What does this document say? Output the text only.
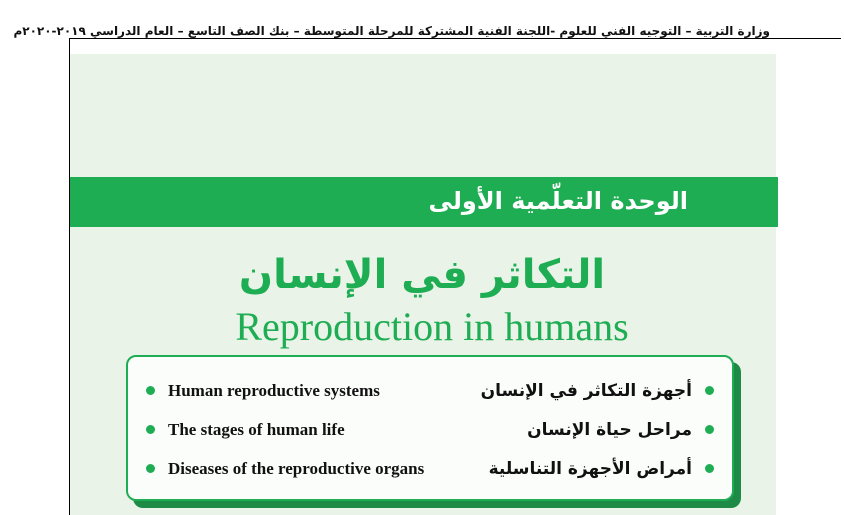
وزارة التربية – التوجيه الفني للعلوم -اللجنة الفنية المشتركة للمرحلة المتوسطة – بنك الصف التاسع – العام الدراسي ٢٠١٩-٢٠٢٠م
الوحدة التعلّمية الأولى
التكاثر في الإنسان
Reproduction in humans
Human reproductive systems
The stages of human life
Diseases of the reproductive organs
أجهزة التكاثر في الإنسان
مراحل حياة الإنسان
أمراض الأجهزة التناسلية
